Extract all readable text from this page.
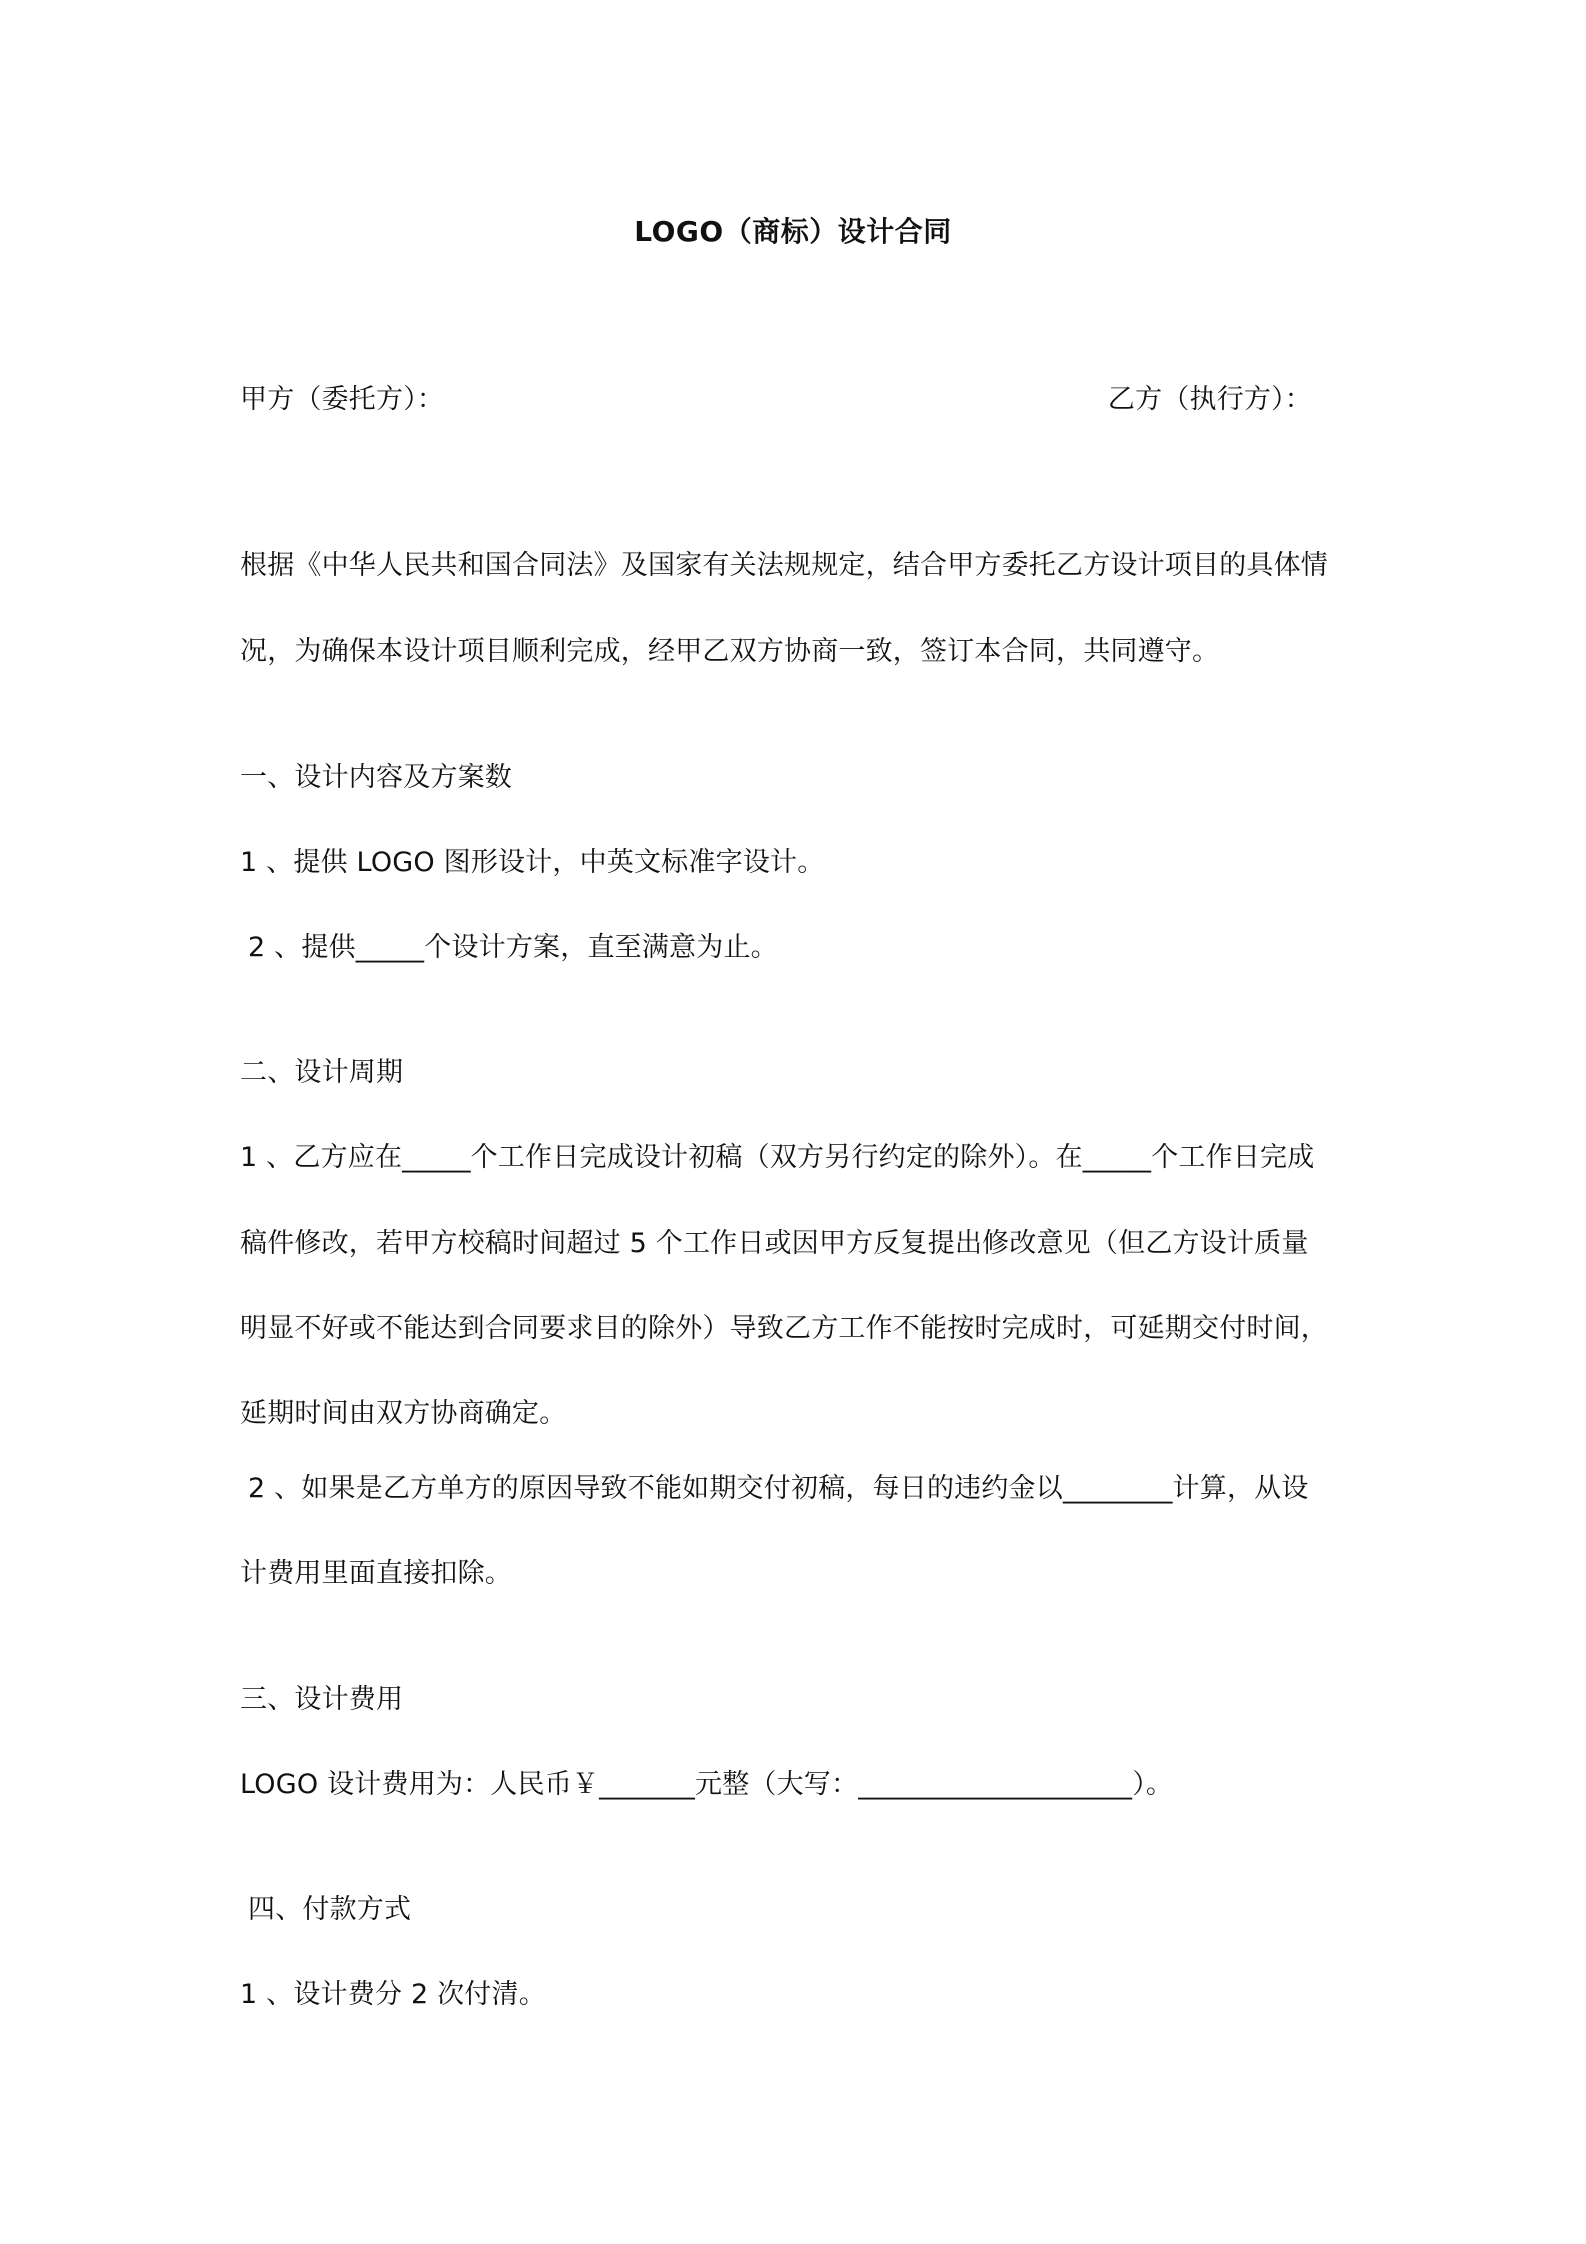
LOGO（商标）设计合同
甲方（委托方）：	乙方（执行方）：
根据《中华人民共和国合同法》及国家有关法规规定，结合甲方委托乙方设计项目的具体情
况，为确保本设计项目顺利完成，经甲乙双方协商一致，签订本合同，共同遵守。
一、设计内容及方案数
1 、提供 LOGO 图形设计，中英文标准字设计。
2 、提供_____个设计方案，直至满意为止。
二、设计周期
1 、乙方应在_____个工作日完成设计初稿（双方另行约定的除外）。在_____个工作日完成
稿件修改，若甲方校稿时间超过 5 个工作日或因甲方反复提出修改意见（但乙方设计质量
明显不好或不能达到合同要求目的除外）导致乙方工作不能按时完成时，可延期交付时间，
延期时间由双方协商确定。
2 、如果是乙方单方的原因导致不能如期交付初稿，每日的违约金以________计算，从设
计费用里面直接扣除。
三、设计费用
LOGO 设计费用为：人民币￥_______元整（大写：____________________）。
四、付款方式
1 、设计费分 2 次付清。
